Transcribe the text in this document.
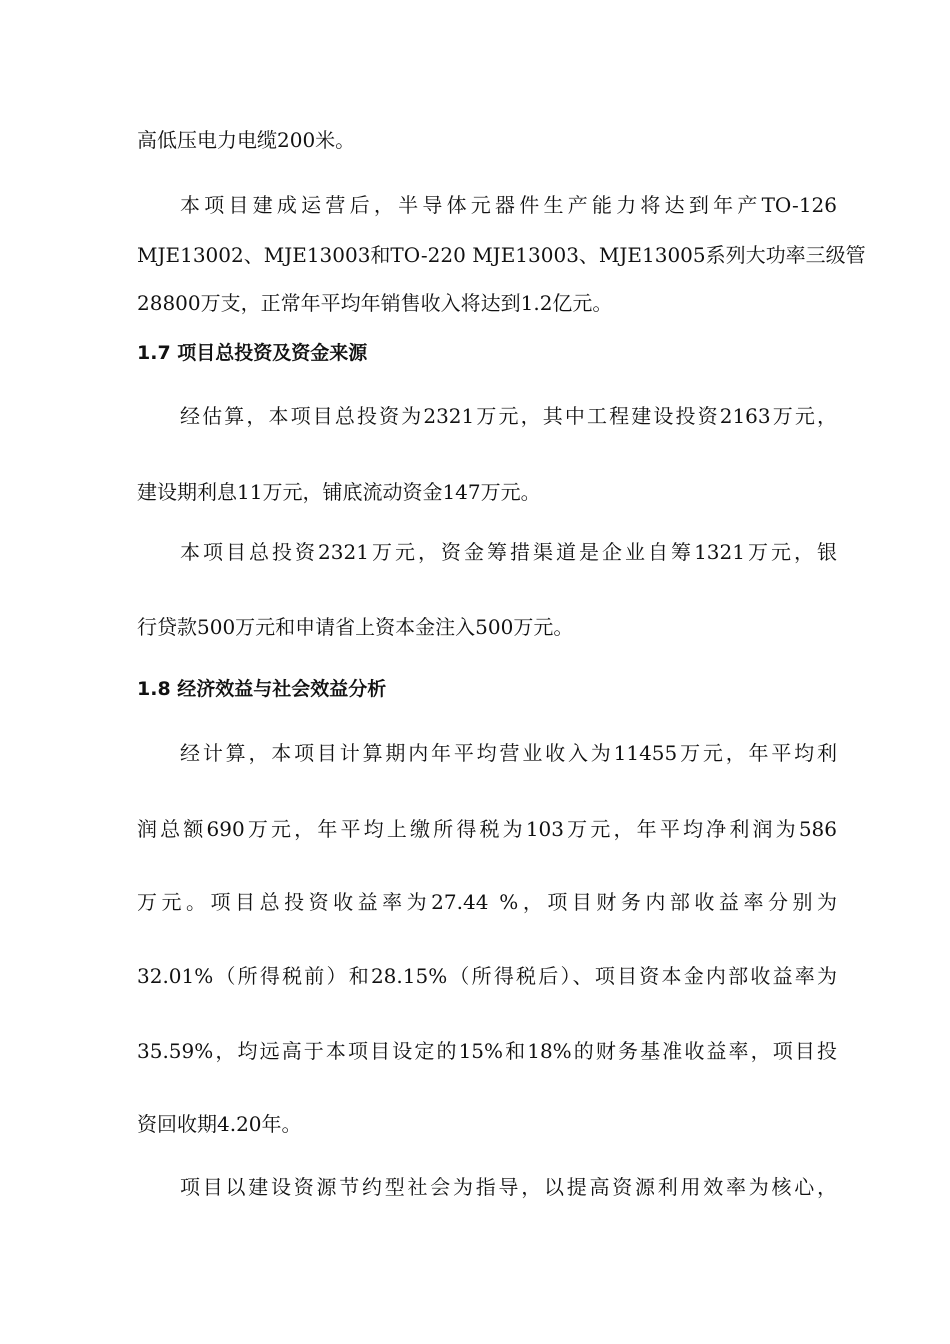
高低压电力电缆200米。
本项目建成运营后，半导体元器件生产能力将达到年产TO-126
MJE13002、MJE13003和TO-220 MJE13003、MJE13005系列大功率三级管
28800万支，正常年平均年销售收入将达到1.2亿元。
1.7 项目总投资及资金来源
经估算，本项目总投资为2321万元，其中工程建设投资2163万元，
建设期利息11万元，铺底流动资金147万元。
本项目总投资2321万元，资金筹措渠道是企业自筹1321万元，银
行贷款500万元和申请省上资本金注入500万元。
1.8 经济效益与社会效益分析
经计算，本项目计算期内年平均营业收入为11455万元，年平均利
润总额690万元，年平均上缴所得税为103万元，年平均净利润为586
万元。项目总投资收益率为27.44 %，项目财务内部收益率分别为
32.01%（所得税前）和28.15%（所得税后）、项目资本金内部收益率为
35.59%，均远高于本项目设定的15%和18%的财务基准收益率，项目投
资回收期4.20年。
项目以建设资源节约型社会为指导，以提高资源利用效率为核心，
